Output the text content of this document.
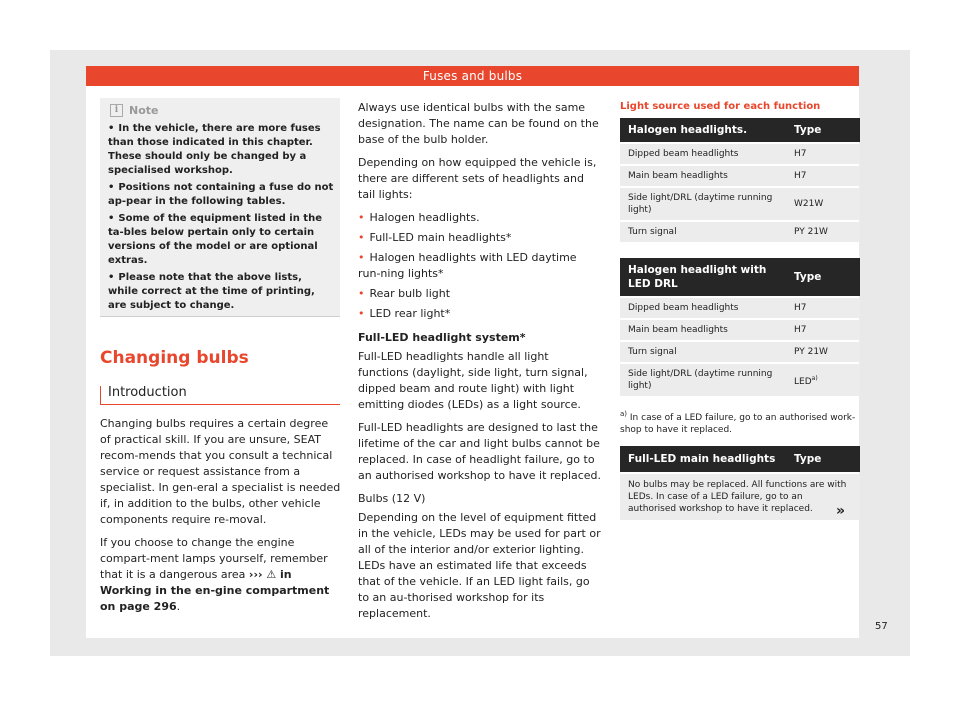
Fuses and bulbs
i Note
• In the vehicle, there are more fuses than those indicated in this chapter. These should only be changed by a specialised workshop.
• Positions not containing a fuse do not ap-pear in the following tables.
• Some of the equipment listed in the ta-bles below pertain only to certain versions of the model or are optional extras.
• Please note that the above lists, while correct at the time of printing, are subject to change.
Changing bulbs
Introduction

Changing bulbs requires a certain degree of practical skill. If you are unsure, SEAT recom-mends that you consult a technical service or request assistance from a specialist. In gen-eral a specialist is needed if, in addition to the bulbs, other vehicle components require re-moval.

If you choose to change the engine compart-ment lamps yourself, remember that it is a dangerous area ››› ⚠ in Working in the en-gine compartment on page 296.

Always use identical bulbs with the same designation. The name can be found on the base of the bulb holder.

Depending on how equipped the vehicle is, there are different sets of headlights and tail lights:

• Halogen headlights.
• Full-LED main headlights*
• Halogen headlights with LED daytime run-ning lights*
• Rear bulb light
• LED rear light*

Full-LED headlight system*

Full-LED headlights handle all light functions (daylight, side light, turn signal, dipped beam and route light) with light emitting diodes (LEDs) as a light source.

Full-LED headlights are designed to last the lifetime of the car and light bulbs cannot be replaced. In case of headlight failure, go to an authorised workshop to have it replaced.

Bulbs (12 V)

Depending on the level of equipment fitted in the vehicle, LEDs may be used for part or all of the interior and/or exterior lighting. LEDs have an estimated life that exceeds that of the vehicle. If an LED light fails, go to an au-thorised workshop for its replacement.

Light source used for each function
Halogen headlights.	Type
Dipped beam headlights	H7
Main beam headlights	H7
Side light/DRL (daytime running light)	W21W
Turn signal	PY 21W
Halogen headlight with LED DRL	Type
Dipped beam headlights	H7
Main beam headlights	H7
Turn signal	PY 21W
Side light/DRL (daytime running light)	LED$^{a)}$
$^{a)}$ In case of a LED failure, go to an authorised work-shop to have it replaced.
Full-LED main headlights	Type
No bulbs may be replaced. All functions are with LEDs. In case of a LED failure, go to an authorised workshop to have it replaced. »
57
